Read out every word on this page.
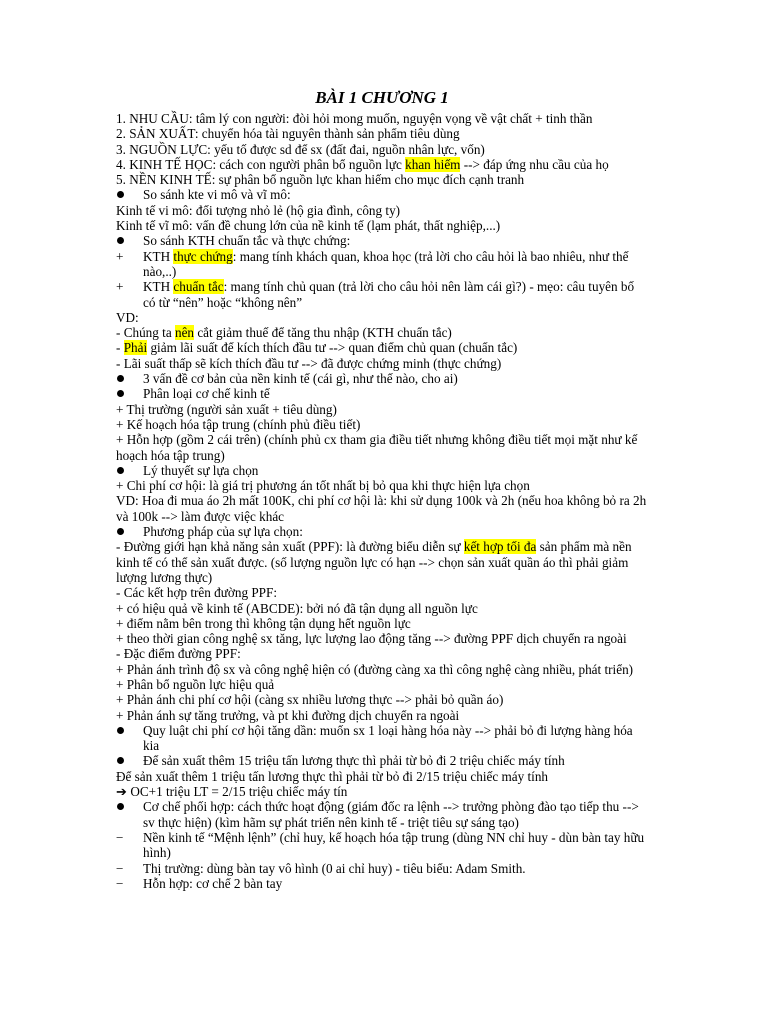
BÀI 1 CHƯƠNG 1
1. NHU CẦU: tâm lý con người: đòi hỏi mong muốn, nguyện vọng về vật chất + tinh thần
2. SẢN XUẤT: chuyển hóa tài nguyên thành sản phẩm tiêu dùng
3. NGUỒN LỰC: yếu tố được sd để sx (đất đai, nguồn nhân lực, vốn)
4. KINH TẾ HỌC: cách con người phân bổ nguồn lực khan hiếm --> đáp ứng nhu cầu của họ
5. NỀN KINH TẾ: sự phân bổ nguồn lực khan hiếm cho mục đích cạnh tranh
So sánh kte vi mô và vĩ mô:
Kinh tế vi mô: đối tượng nhỏ lẻ (hộ gia đình, công ty)
Kinh tế vĩ mô: vấn đề chung lớn của nề kinh tế (lạm phát, thất nghiệp,...)
So sánh KTH chuẩn tắc và thực chứng:
+	KTH thực chứng: mang tính khách quan, khoa học (trả lời cho câu hỏi là bao nhiêu, như thế nào,..)
+	KTH chuẩn tắc: mang tính chủ quan (trả lời cho câu hỏi nên làm cái gì?) - mẹo: câu tuyên bố có từ “nên” hoặc “không nên”
VD:
- Chúng ta nên cắt giảm thuế để tăng thu nhập (KTH chuẩn tắc)
- Phải giảm lãi suất để kích thích đầu tư --> quan điểm chủ quan (chuẩn tắc)
- Lãi suất thấp sẽ kích thích đầu tư --> đã được chứng minh (thực chứng)
3 vấn đề cơ bản của nền kinh tế (cái gì, như thế nào, cho ai)
Phân loại cơ chế kinh tế
+ Thị trường (người sản xuất + tiêu dùng)
+ Kế hoạch hóa tập trung (chính phủ điều tiết)
+ Hỗn hợp (gồm 2 cái trên) (chính phủ cx tham gia điều tiết nhưng không điều tiết mọi mặt như kế hoạch hóa tập trung)
Lý thuyết sự lựa chọn
+ Chi phí cơ hội: là giá trị phương án tốt nhất bị bỏ qua khi thực hiện lựa chọn
VD: Hoa đi mua áo 2h mất 100K, chi phí cơ hội là: khi sử dụng 100k và 2h (nếu hoa không bỏ ra 2h và 100k --> làm được việc khác
Phương pháp của sự lựa chọn:
- Đường giới hạn khả năng sản xuất (PPF): là đường biểu diễn sự kết hợp tối đa sản phẩm mà nền kinh tế có thể sản xuất được. (số lượng nguồn lực có hạn --> chọn sản xuất quần áo thì phải giảm lượng lương thực)
- Các kết hợp trên đường PPF:
+ có hiệu quả về kinh tế (ABCDE): bởi nó đã tận dụng all nguồn lực
+ điểm nằm bên trong thì không tận dụng hết nguồn lực
+ theo thời gian công nghệ sx tăng, lực lượng lao động tăng --> đường PPF dịch chuyển ra ngoài
- Đặc điểm đường PPF:
+ Phản ánh trình độ sx và công nghệ hiện có (đường càng xa thì công nghệ càng nhiều, phát triển)
+ Phân bổ nguồn lực hiệu quả
+ Phản ánh chi phí cơ hội (càng sx nhiều lương thực --> phải bỏ quần áo)
+ Phản ánh sự tăng trưởng, và pt khi đường dịch chuyển ra ngoài
Quy luật chi phí cơ hội tăng dần: muốn sx 1 loại hàng hóa này --> phải bỏ đi lượng hàng hóa kia
Để sản xuất thêm 15 triệu tấn lương thực thì phải từ bỏ đi 2 triệu chiếc máy tính
Để sản xuất thêm 1 triệu tấn lương thực thì phải từ bỏ đi 2/15 triệu chiếc máy tính
➔ OC+1 triệu LT = 2/15 triệu chiếc máy tín
Cơ chế phối hợp: cách thức hoạt động (giám đốc ra lệnh --> trưởng phòng đào tạo tiếp thu --> sv thực hiện) (kìm hãm sự phát triển nên kinh tế - triệt tiêu sự sáng tạo)
−	Nền kinh tế “Mệnh lệnh” (chỉ huy, kế hoạch hóa tập trung (dùng NN chỉ huy - dùn bàn tay hữu hình)
−	Thị trường: dùng bàn tay vô hình (0 ai chỉ huy) - tiêu biểu: Adam Smith.
−	Hỗn hợp: cơ chế 2 bàn tay
